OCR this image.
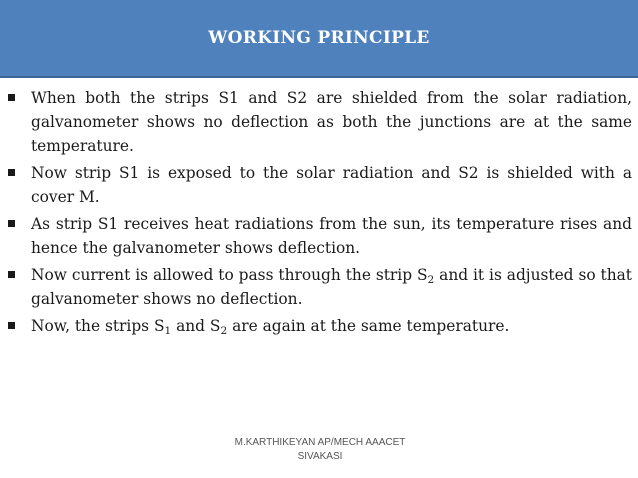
WORKING PRINCIPLE
When both the strips S1 and S2 are shielded from the solar radiation, galvanometer shows no deflection as both the junctions are at the same temperature.
Now strip S1 is exposed to the solar radiation and S2 is shielded with a cover M.
As strip S1 receives heat radiations from the sun, its temperature rises and hence the galvanometer shows deflection.
Now current is allowed to pass through the strip $S_2$ and it is adjusted so that galvanometer shows no deflection.
Now, the strips $S_1$ and $S_2$ are again at the same temperature.
M.KARTHIKEYAN AP/MECH AAACET
SIVAKASI
